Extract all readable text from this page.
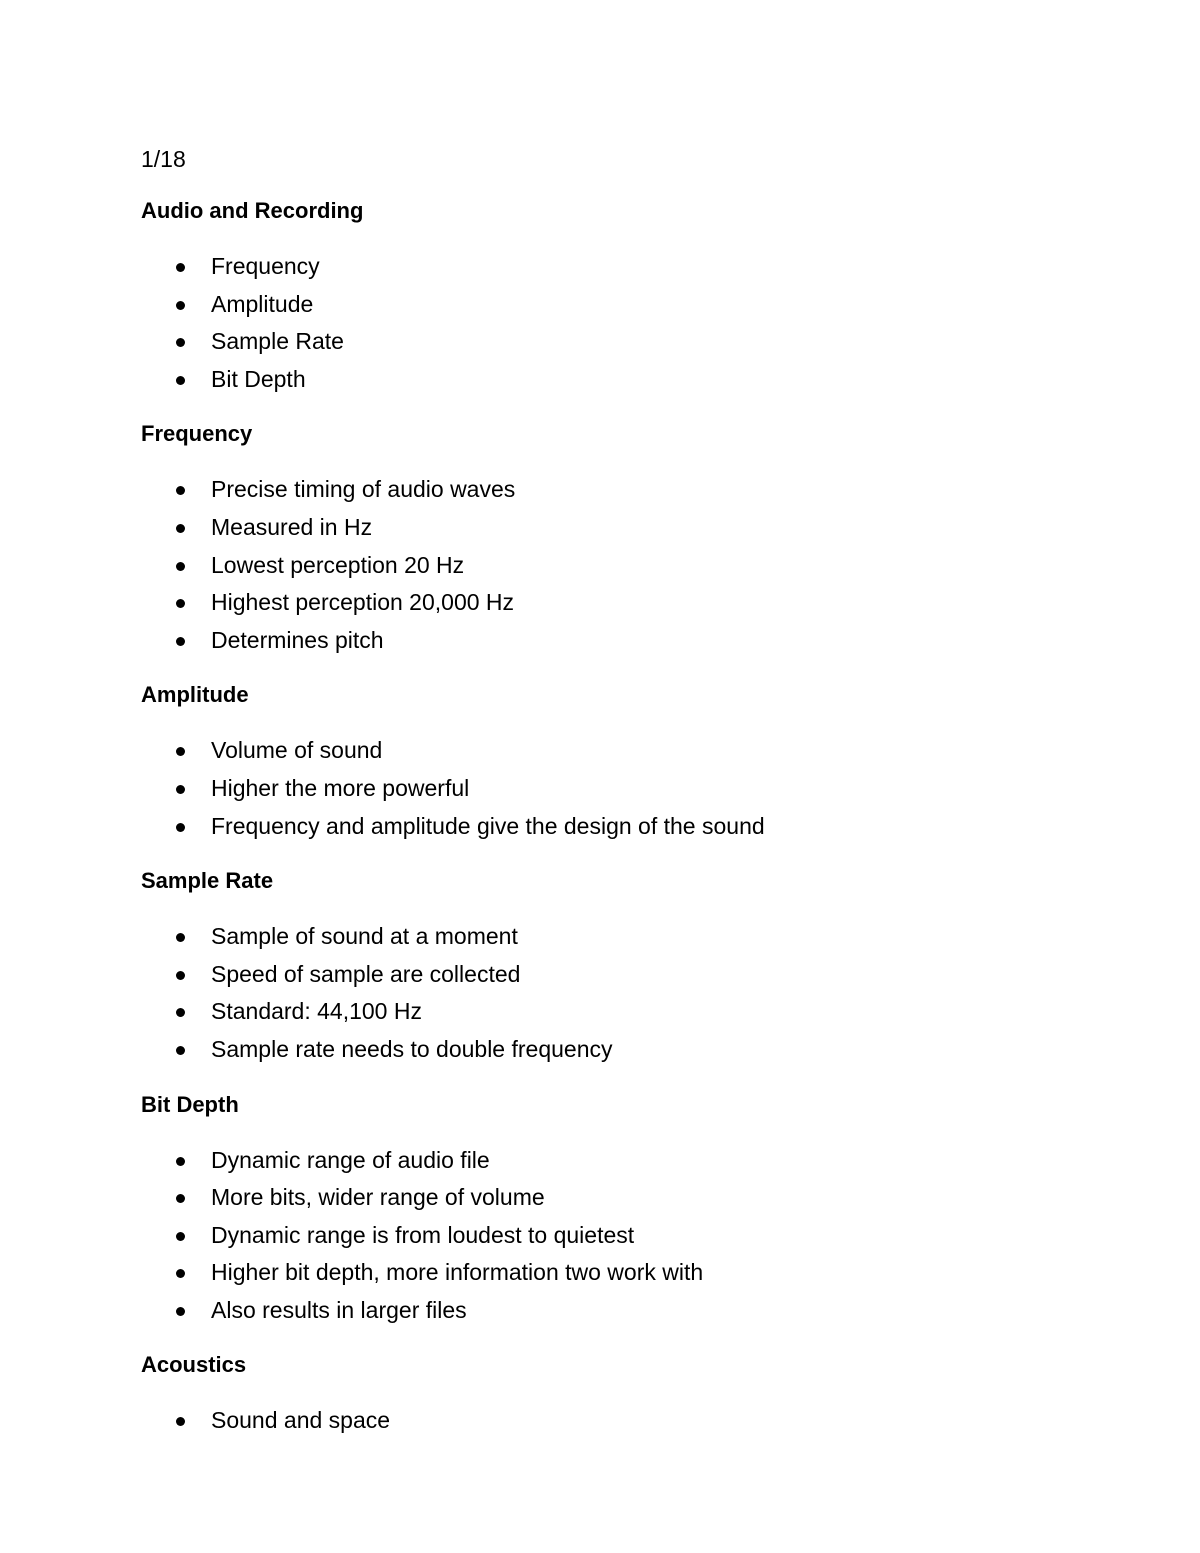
1/18
Audio and Recording
Frequency
Amplitude
Sample Rate
Bit Depth
Frequency
Precise timing of audio waves
Measured in Hz
Lowest perception 20 Hz
Highest perception 20,000 Hz
Determines pitch
Amplitude
Volume of sound
Higher the more powerful
Frequency and amplitude give the design of the sound
Sample Rate
Sample of sound at a moment
Speed of sample are collected
Standard: 44,100 Hz
Sample rate needs to double frequency
Bit Depth
Dynamic range of audio file
More bits, wider range of volume
Dynamic range is from loudest to quietest
Higher bit depth, more information two work with
Also results in larger files
Acoustics
Sound and space
